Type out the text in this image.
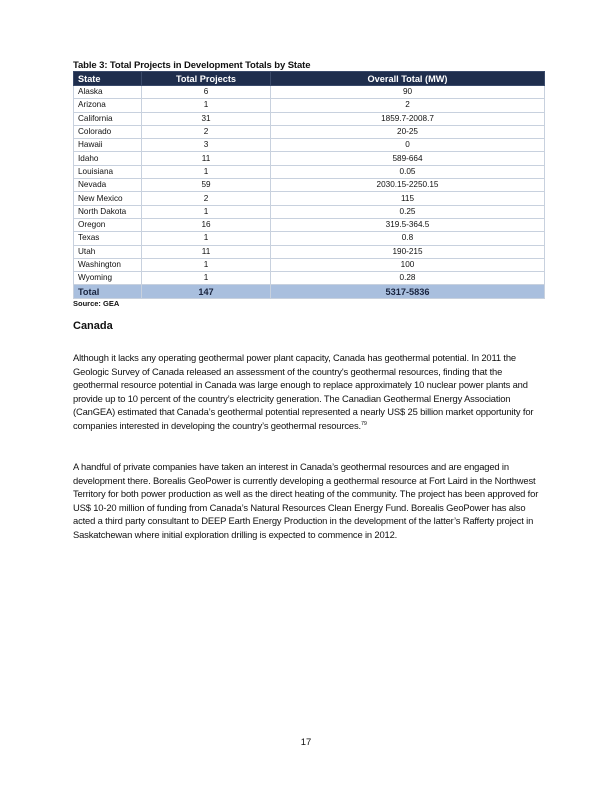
Table 3: Total Projects in Development Totals by State
State	Total Projects	Overall Total (MW)
Alaska	6	90
Arizona	1	2
California	31	1859.7-2008.7
Colorado	2	20-25
Hawaii	3	0
Idaho	11	589-664
Louisiana	1	0.05
Nevada	59	2030.15-2250.15
New Mexico	2	115
North Dakota	1	0.25
Oregon	16	319.5-364.5
Texas	1	0.8
Utah	11	190-215
Washington	1	100
Wyoming	1	0.28
Total	147	5317-5836
Source: GEA
Canada

Although it lacks any operating geothermal power plant capacity, Canada has geothermal potential. In 2011 the Geologic Survey of Canada released an assessment of the country's geothermal resources, finding that the geothermal resource potential in Canada was large enough to replace approximately 10 nuclear power plants and provide up to 10 percent of the country’s electricity generation. The Canadian Geothermal Energy Association (CanGEA) estimated that Canada’s geothermal potential represented a nearly US$ 25 billion market opportunity for companies interested in developing the country’s geothermal resources.$^{79}$

A handful of private companies have taken an interest in Canada’s geothermal resources and are engaged in development there. Borealis GeoPower is currently developing a geothermal resource at Fort Laird in the Northwest Territory for both power production as well as the direct heating of the community. The project has been approved for US$ 10-20 million of funding from Canada’s Natural Resources Clean Energy Fund. Borealis GeoPower has also acted a third party consultant to DEEP Earth Energy Production in the development of the latter’s Rafferty project in Saskatchewan where initial exploration drilling is expected to commence in 2012.

17
